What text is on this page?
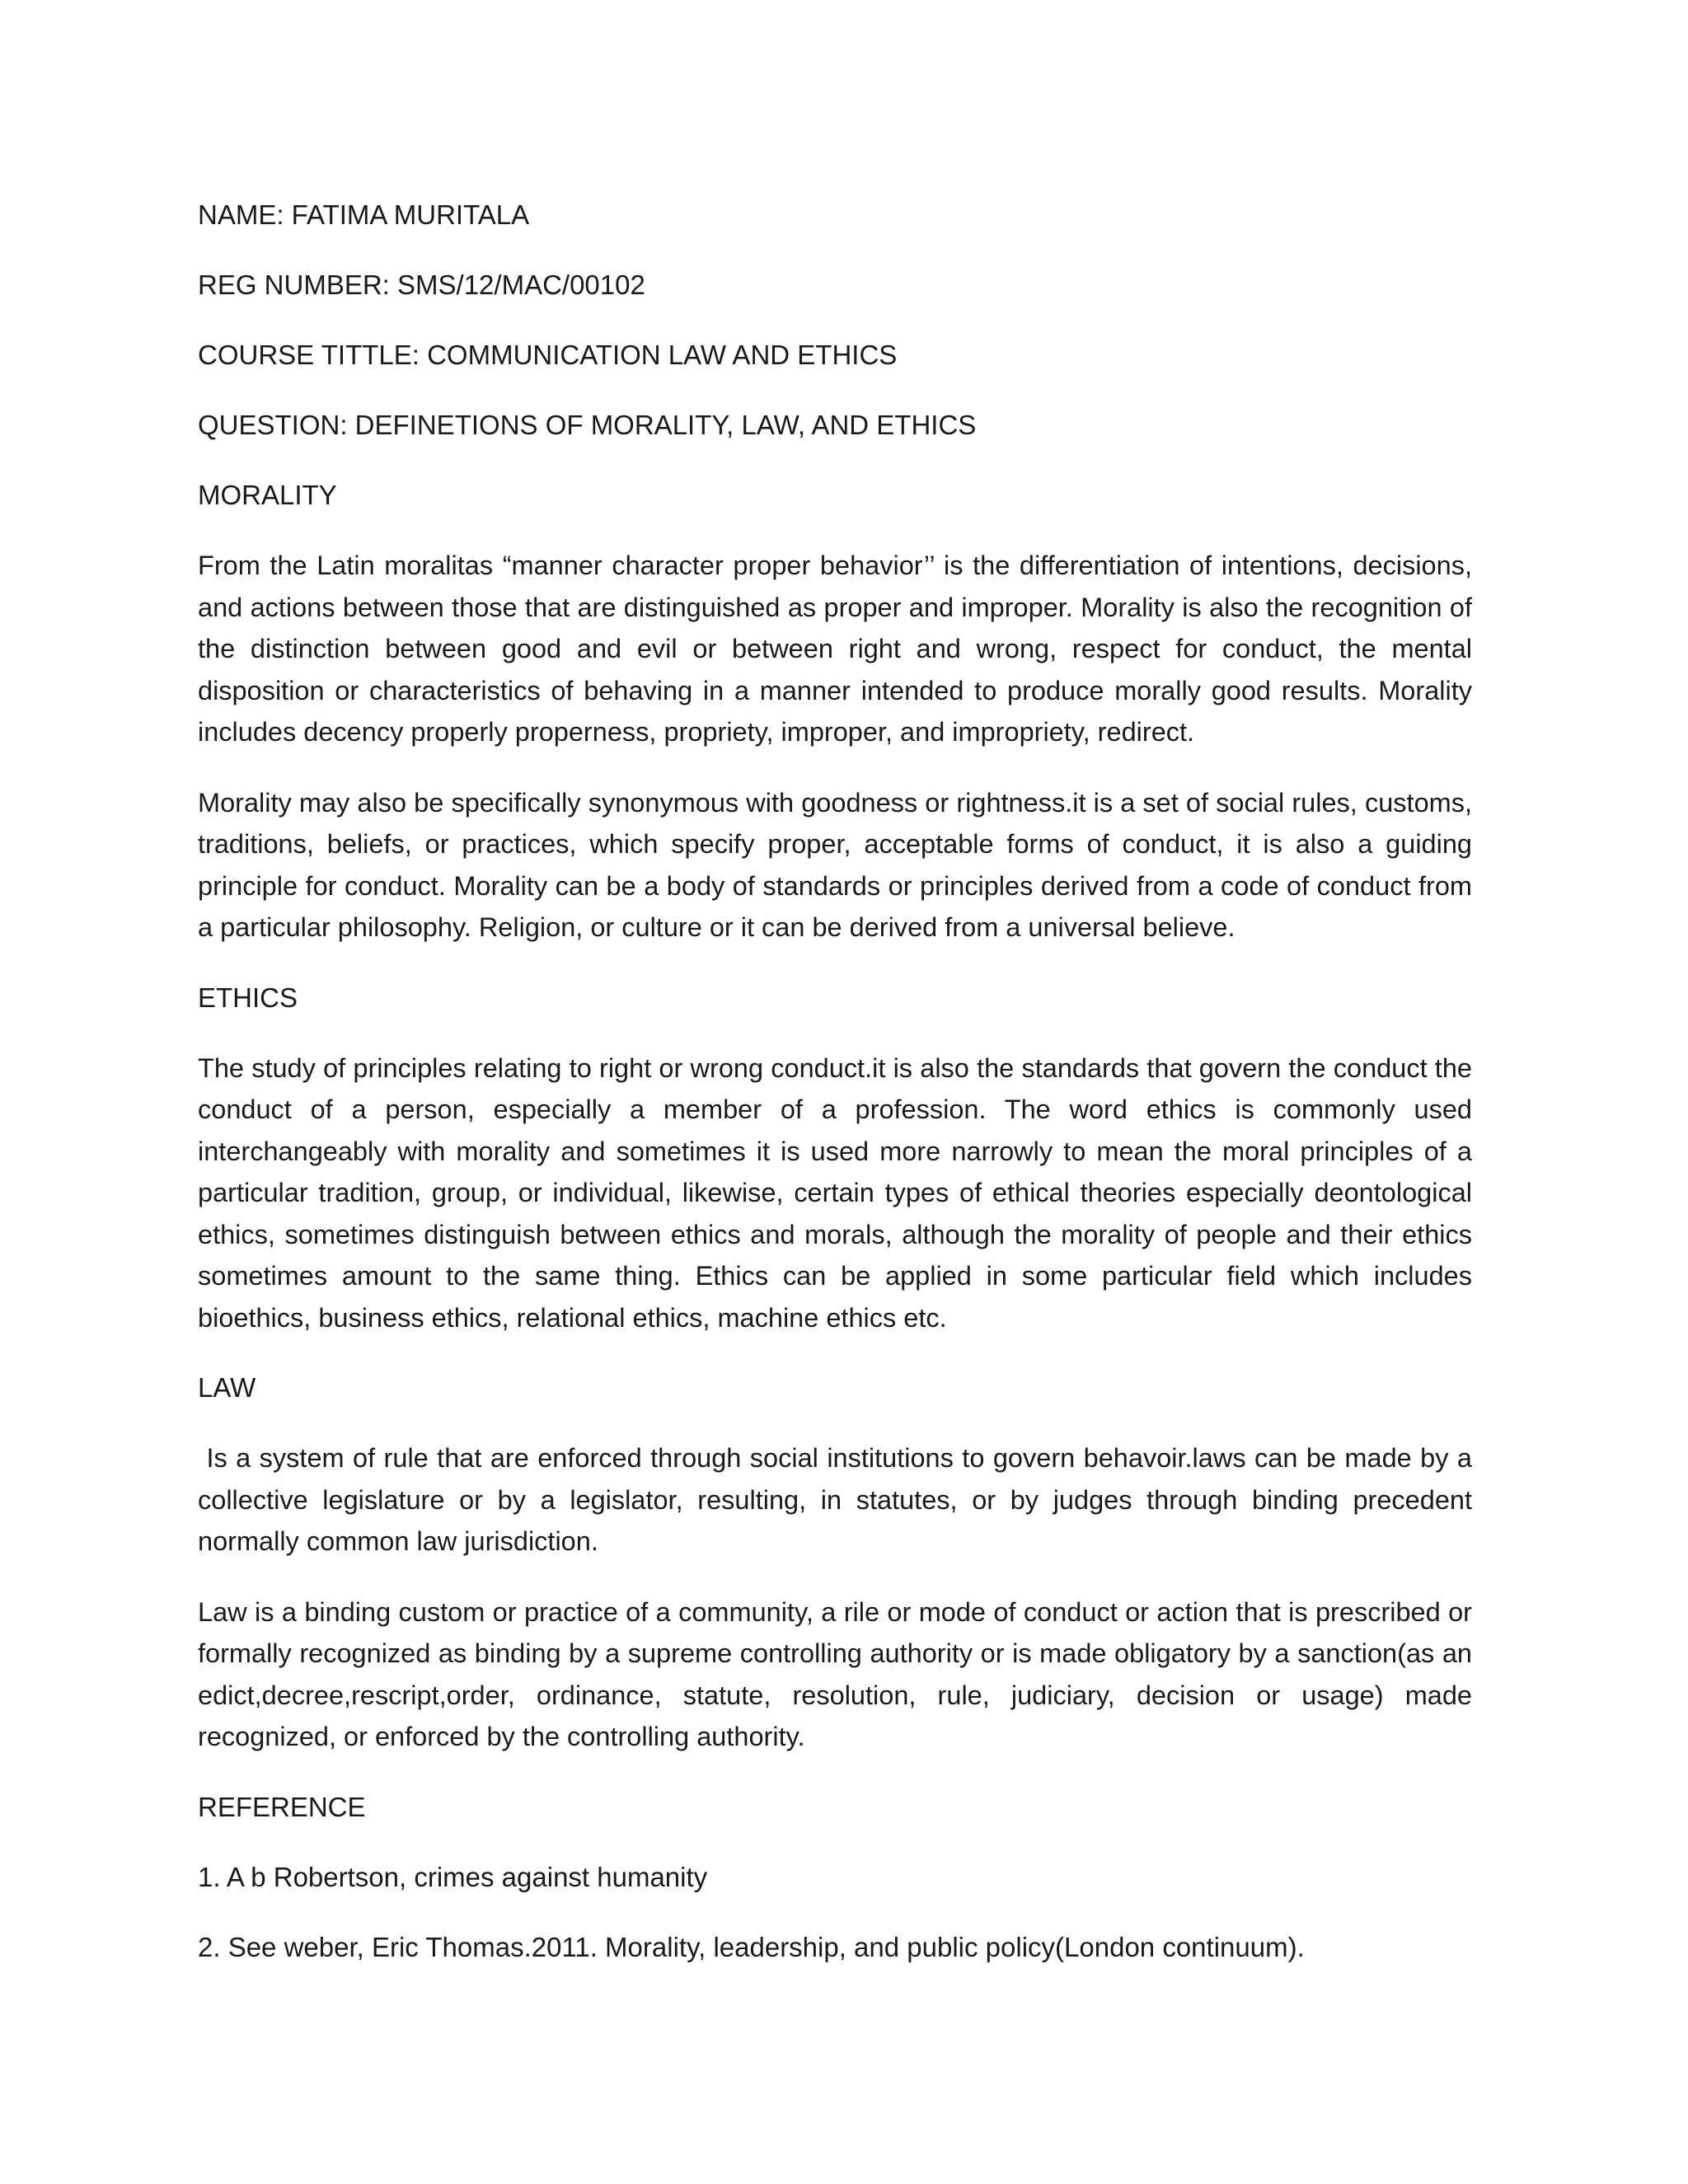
NAME: FATIMA MURITALA
REG NUMBER: SMS/12/MAC/00102
COURSE TITTLE: COMMUNICATION LAW AND ETHICS
QUESTION: DEFINETIONS OF MORALITY, LAW, AND ETHICS
MORALITY

From the Latin moralitas “manner character proper behavior’’ is the differentiation of intentions, decisions, and actions between those that are distinguished as proper and improper. Morality is also the recognition of the distinction between good and evil or between right and wrong, respect for conduct, the mental disposition or characteristics of behaving in a manner intended to produce morally good results. Morality includes decency properly properness, propriety, improper, and impropriety, redirect.

Morality may also be specifically synonymous with goodness or rightness.it is a set of social rules, customs, traditions, beliefs, or practices, which specify proper, acceptable forms of conduct, it is also a guiding principle for conduct. Morality can be a body of standards or principles derived from a code of conduct from a particular philosophy. Religion, or culture or it can be derived from a universal believe.

ETHICS

The study of principles relating to right or wrong conduct.it is also the standards that govern the conduct the conduct of a person, especially a member of a profession. The word ethics is commonly used interchangeably with morality and sometimes it is used more narrowly to mean the moral principles of a particular tradition, group, or individual, likewise, certain types of ethical theories especially deontological ethics, sometimes distinguish between ethics and morals, although the morality of people and their ethics sometimes amount to the same thing. Ethics can be applied in some particular field which includes bioethics, business ethics, relational ethics, machine ethics etc.

LAW

Is a system of rule that are enforced through social institutions to govern behavoir.laws can be made by a collective legislature or by a legislator, resulting, in statutes, or by judges through binding precedent normally common law jurisdiction.

Law is a binding custom or practice of a community, a rile or mode of conduct or action that is prescribed or formally recognized as binding by a supreme controlling authority or is made obligatory by a sanction(as an edict,decree,rescript,order, ordinance, statute, resolution, rule, judiciary, decision or usage) made recognized, or enforced by the controlling authority.

REFERENCE
1. A b Robertson, crimes against humanity
2. See weber, Eric Thomas.2011. Morality, leadership, and public policy(London continuum).
